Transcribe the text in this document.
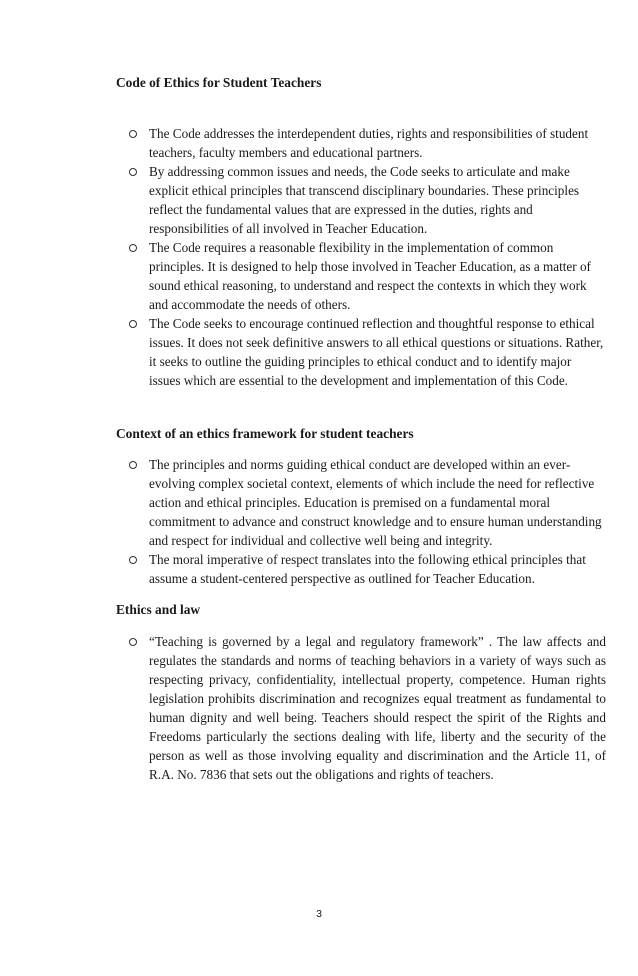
Code of Ethics for Student Teachers
The Code addresses the interdependent duties, rights and responsibilities of student teachers, faculty members and educational partners.
By addressing common issues and needs, the Code seeks to articulate and make explicit ethical principles that transcend disciplinary boundaries. These principles reflect the fundamental values that are expressed in the duties, rights and responsibilities of all involved in Teacher Education.
The Code requires a reasonable flexibility in the implementation of common principles. It is designed to help those involved in Teacher Education, as a matter of sound ethical reasoning, to understand and respect the contexts in which they work and accommodate the needs of others.
The Code seeks to encourage continued reflection and thoughtful response to ethical issues. It does not seek definitive answers to all ethical questions or situations. Rather, it seeks to outline the guiding principles to ethical conduct and to identify major issues which are essential to the development and implementation of this Code.
Context of an ethics framework for student teachers
The principles and norms guiding ethical conduct are developed within an ever-evolving complex societal context, elements of which include the need for reflective action and ethical principles. Education is premised on a fundamental moral commitment to advance and construct knowledge and to ensure human understanding and respect for individual and collective well being and integrity.
The moral imperative of respect translates into the following ethical principles that assume a student-centered perspective as outlined for Teacher Education.
Ethics and law
“Teaching is governed by a legal and regulatory framework” . The law affects and regulates the standards and norms of teaching behaviors in a variety of ways such as respecting privacy, confidentiality, intellectual property, competence. Human rights legislation prohibits discrimination and recognizes equal treatment as fundamental to human dignity and well being. Teachers should respect the spirit of the Rights and Freedoms particularly the sections dealing with life, liberty and the security of the person as well as those involving equality and discrimination and the Article 11, of R.A. No. 7836 that sets out the obligations and rights of teachers.
3
